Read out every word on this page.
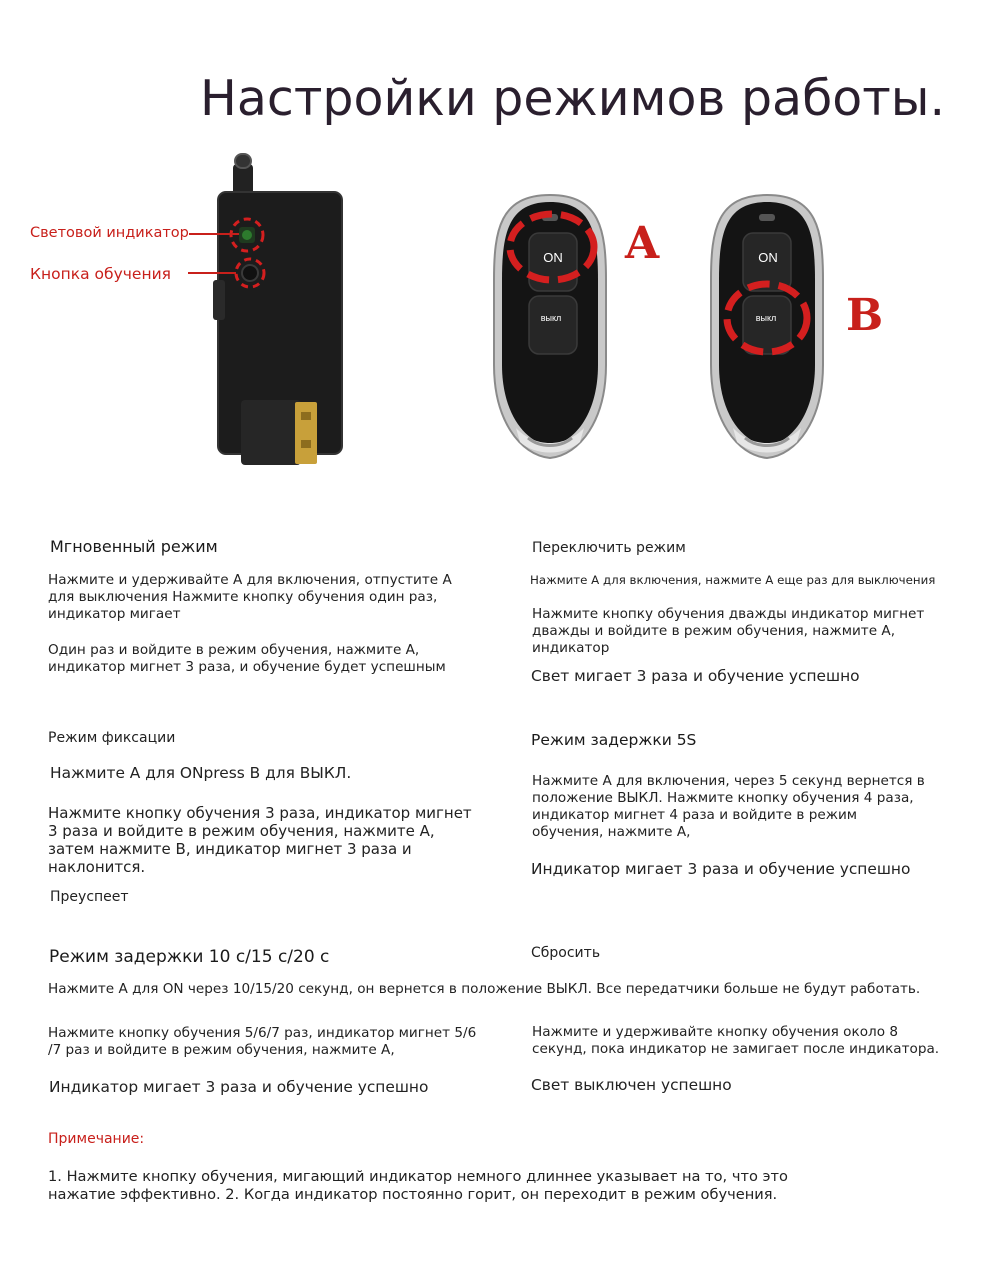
Настройки режимов работы.
Световой индикатор
Кнопка обучения
ON
выкл
A	ON
выкл B
Мгновенный режим
Нажмите и удерживайте A для включения, отпустите A
для выключения Нажмите кнопку обучения один раз,
индикатор мигает
Один раз и войдите в режим обучения, нажмите A,
индикатор мигнет 3 раза, и обучение будет успешным
Переключить режим
Нажмите A для включения, нажмите A еще раз для выключения
Нажмите кнопку обучения дважды индикатор мигнет
дважды и войдите в режим обучения, нажмите A,
индикатор
Свет мигает 3 раза и обучение успешно
Режим фиксации
Нажмите A для ONpress B для ВЫКЛ.
Нажмите кнопку обучения 3 раза, индикатор мигнет
3 раза и войдите в режим обучения, нажмите A,
затем нажмите B, индикатор мигнет 3 раза и
наклонится.
Преуспеет
Режим задержки 5S
Нажмите A для включения, через 5 секунд вернется в
положение ВЫКЛ. Нажмите кнопку обучения 4 раза,
индикатор мигнет 4 раза и войдите в режим
обучения, нажмите A,
Индикатор мигает 3 раза и обучение успешно
Режим задержки 10 с/15 с/20 с
Нажмите A для ON через 10/15/20 секунд, он вернется в положение ВЫКЛ. Все передатчики больше не будут работать.
Нажмите кнопку обучения 5/6/7 раз, индикатор мигнет 5/6
/7 раз и войдите в режим обучения, нажмите A,
Индикатор мигает 3 раза и обучение успешно
Сбросить
Нажмите и удерживайте кнопку обучения около 8
секунд, пока индикатор не замигает после индикатора.
Свет выключен успешно
Примечание:
1. Нажмите кнопку обучения, мигающий индикатор немного длиннее указывает на то, что это
нажатие эффективно. 2. Когда индикатор постоянно горит, он переходит в режим обучения.
